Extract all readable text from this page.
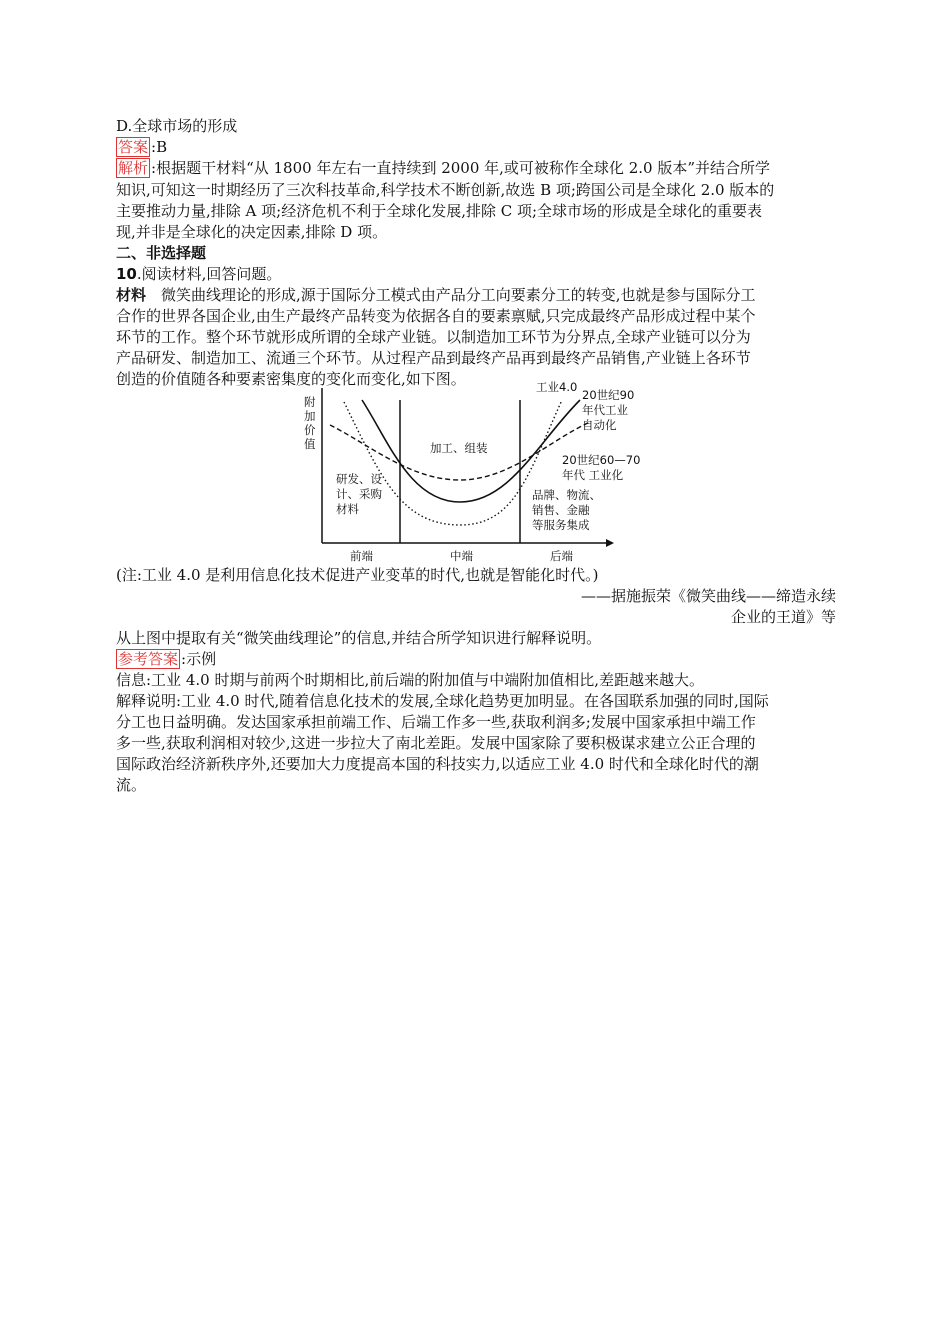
D.全球市场的形成
答案 :B
解析 :根据题干材料“从 1800 年左右一直持续到 2000 年,或可被称作全球化 2.0 版本”并结合所学
知识,可知这一时期经历了三次科技革命,科学技术不断创新,故选 B 项;跨国公司是全球化 2.0 版本的
主要推动力量,排除 A 项;经济危机不利于全球化发展,排除 C 项;全球市场的形成是全球化的重要表
现,并非是全球化的决定因素,排除 D 项。
二、非选择题
10.阅读材料,回答问题。
材料　微笑曲线理论的形成,源于国际分工模式由产品分工向要素分工的转变,也就是参与国际分工
合作的世界各国企业,由生产最终产品转变为依据各自的要素禀赋,只完成最终产品形成过程中某个
环节的工作。整个环节就形成所谓的全球产业链。以制造加工环节为分界点,全球产业链可以分为
产品研发、制造加工、流通三个环节。从过程产品到最终产品再到最终产品销售,产业链上各环节
创造的价值随各种要素密集度的变化而变化,如下图。
附
加
价
值
研发、设
计、采购
材料
加工、组装
品牌、物流、
销售、金融
等服务集成
工业4.0
20世纪90
年代工业
自动化
20世纪60—70
年代 工业化
前端	中端	后端
(注:工业 4.0 是利用信息化技术促进产业变革的时代,也就是智能化时代。)
——据施振荣《微笑曲线——缔造永续
企业的王道》等
从上图中提取有关“微笑曲线理论”的信息,并结合所学知识进行解释说明。
参考答案 :示例
信息:工业 4.0 时期与前两个时期相比,前后端的附加值与中端附加值相比,差距越来越大。
解释说明:工业 4.0 时代,随着信息化技术的发展,全球化趋势更加明显。在各国联系加强的同时,国际
分工也日益明确。发达国家承担前端工作、后端工作多一些,获取利润多;发展中国家承担中端工作
多一些,获取利润相对较少,这进一步拉大了南北差距。发展中国家除了要积极谋求建立公正合理的
国际政治经济新秩序外,还要加大力度提高本国的科技实力,以适应工业 4.0 时代和全球化时代的潮
流。
